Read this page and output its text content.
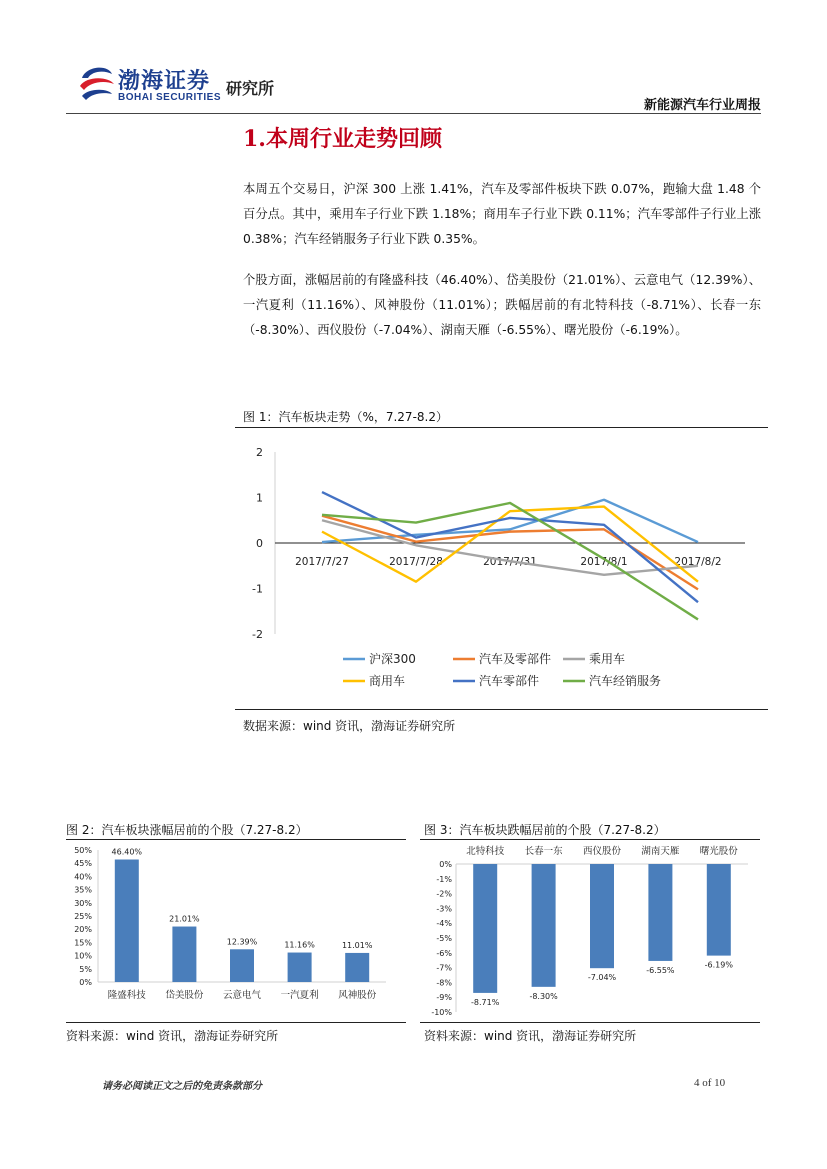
渤海证券
BOHAI SECURITIES 研究所
新能源汽车行业周报
1.本周行业走势回顾

本周五个交易日，沪深 300 上涨 1.41%，汽车及零部件板块下跌 0.07%，跑输大盘 1.48 个百分点。其中，乘用车子行业下跌 1.18%；商用车子行业下跌 0.11%；汽车零部件子行业上涨 0.38%；汽车经销服务子行业下跌 0.35%。

个股方面，涨幅居前的有隆盛科技（46.40%）、岱美股份（21.01%）、云意电气（12.39%）、一汽夏利（11.16%）、风神股份（11.01%）；跌幅居前的有北特科技（-8.71%）、长春一东（-8.30%）、西仪股份（-7.04%）、湖南天雁（-6.55%）、曙光股份（-6.19%）。

图 1：汽车板块走势（%，7.27-8.2）
2
1
0
-1
-2
2017/7/27	2017/7/28	2017/7/31	2017/8/1	2017/8/2
沪深300	汽车及零部件	乘用车
商用车	汽车零部件	汽车经销服务
数据来源：wind 资讯，渤海证券研究所
图 2：汽车板块涨幅居前的个股（7.27-8.2）
50%
45%
40%
35%
30%
25%
20%
15%
10%
5%
0%
46.40%
隆盛科技
21.01%
岱美股份
12.39%
云意电气
11.16%
一汽夏利
11.01%
风神股份
资料来源：wind 资讯，渤海证券研究所
图 3：汽车板块跌幅居前的个股（7.27-8.2）
0%
-1%
-2%
-3%
-4%
-5%
-6%
-7%
-8%
-9%
-10%
-8.71%
北特科技
-8.30%
长春一东
-7.04%
西仪股份
-6.55%
湖南天雁
-6.19%
曙光股份
资料来源：wind 资讯，渤海证券研究所
请务必阅读正文之后的免责条款部分	4 of 10
